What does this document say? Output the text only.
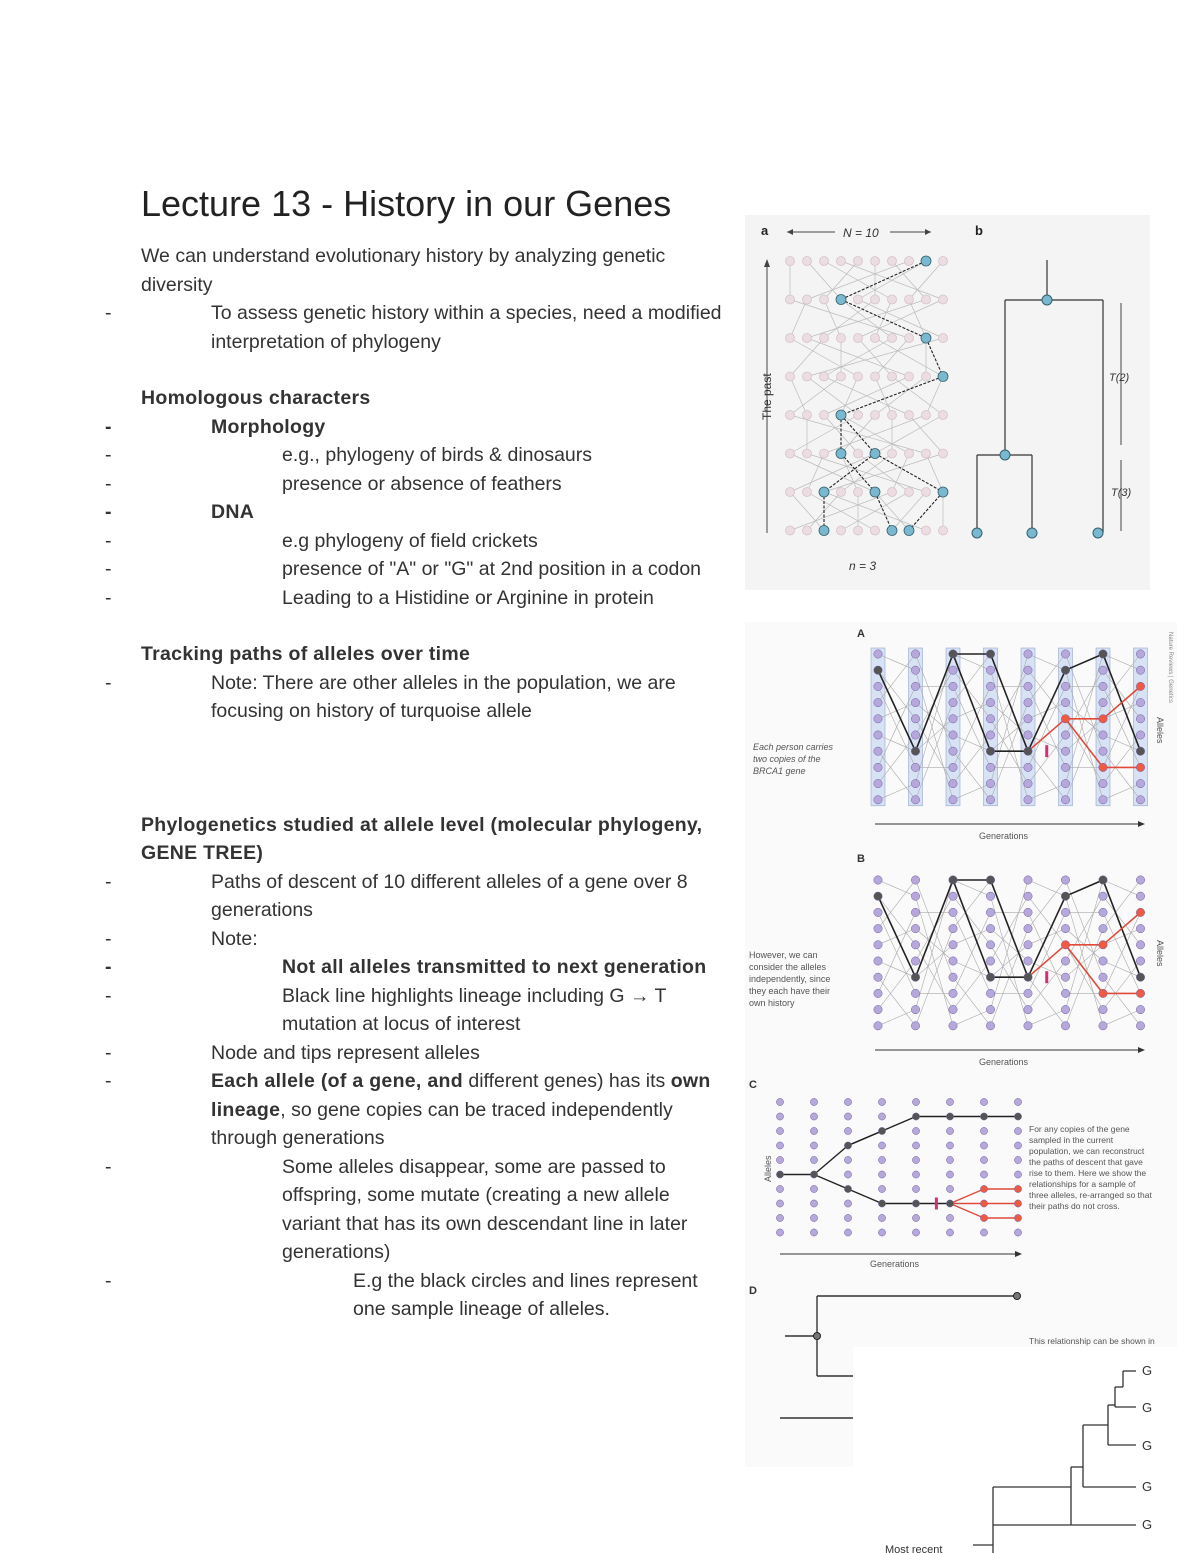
Lecture 13 - History in our Genes

We can understand evolutionary history by analyzing genetic diversity

- To assess genetic history within a species, need a modified interpretation of phylogeny

Homologous characters

- Morphology
- e.g., phylogeny of birds & dinosaurs
- presence or absence of feathers
- DNA
- e.g phylogeny of field crickets
- presence of "A" or "G" at 2nd position in a codon
- Leading to a Histidine or Arginine in protein

Tracking paths of alleles over time

- Note: There are other alleles in the population, we are focusing on history of turquoise allele

Phylogenetics studied at allele level (molecular phylogeny, GENE TREE)

- Paths of descent of 10 different alleles of a gene over 8 generations
- Note:
- Not all alleles transmitted to next generation
- Black line highlights lineage including G → T mutation at locus of interest
- Node and tips represent alleles
- Each allele (of a gene, and different genes) has its own lineage, so gene copies can be traced independently through generations
- Some alleles disappear, some are passed to offspring, some mutate (creating a new allele variant that has its own descendant line in later generations)
- E.g the black circles and lines represent one sample lineage of alleles.
a	b
N = 10
The past
n = 3
T(2)
T(3)
A
B
C
D
Each person carries
two copies of the
BRCA1 gene
However, we can
consider the alleles
independently, since
they each have their
own history
For any copies of the gene
sampled in the current
population, we can reconstruct
the paths of descent that gave
rise to them. Here we show the
relationships for a sample of
three alleles, re-arranged so that
their paths do not cross.
This relationship can be shown in
Generations
Generations
Generations
Alleles
Alleles
Alleles
Nature Reviews | Genetics
G
G
G
G
G
Most recent
